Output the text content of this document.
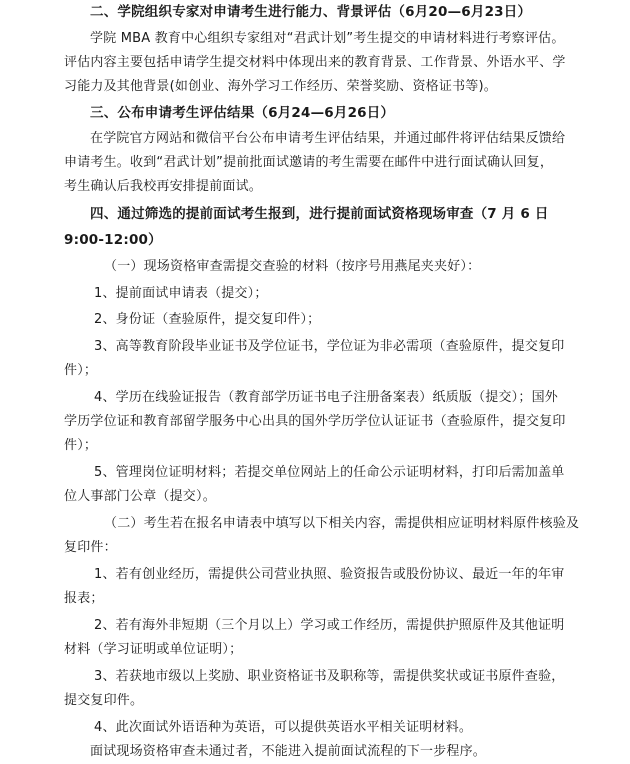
二、学院组织专家对申请考生进行能力、背景评估（6月20—6月23日）

学院 MBA 教育中心组织专家组对“君武计划”考生提交的申请材料进行考察评估。

评估内容主要包括申请学生提交材料中体现出来的教育背景、工作背景、外语水平、学

习能力及其他背景(如创业、海外学习工作经历、荣誉奖励、资格证书等)。

三、公布申请考生评估结果（6月24—6月26日）

在学院官方网站和微信平台公布申请考生评估结果，并通过邮件将评估结果反馈给

申请考生。收到“君武计划”提前批面试邀请的考生需要在邮件中进行面试确认回复，

考生确认后我校再安排提前面试。

四、通过筛选的提前面试考生报到，进行提前面试资格现场审查（7 月 6 日

9:00-12:00）

（一）现场资格审查需提交查验的材料（按序号用燕尾夹夹好）：

1、提前面试申请表（提交）；

2、身份证（查验原件，提交复印件）；

3、高等教育阶段毕业证书及学位证书，学位证为非必需项（查验原件，提交复印

件）；

4、学历在线验证报告（教育部学历证书电子注册备案表）纸质版（提交）；国外

学历学位证和教育部留学服务中心出具的国外学历学位认证证书（查验原件，提交复印

件）；

5、管理岗位证明材料；若提交单位网站上的任命公示证明材料，打印后需加盖单

位人事部门公章（提交）。

（二）考生若在报名申请表中填写以下相关内容，需提供相应证明材料原件核验及

复印件：

1、若有创业经历，需提供公司营业执照、验资报告或股份协议、最近一年的年审

报表；

2、若有海外非短期（三个月以上）学习或工作经历，需提供护照原件及其他证明

材料（学习证明或单位证明）；

3、若获地市级以上奖励、职业资格证书及职称等，需提供奖状或证书原件查验，

提交复印件。

4、此次面试外语语种为英语，可以提供英语水平相关证明材料。

面试现场资格审查未通过者，不能进入提前面试流程的下一步程序。
